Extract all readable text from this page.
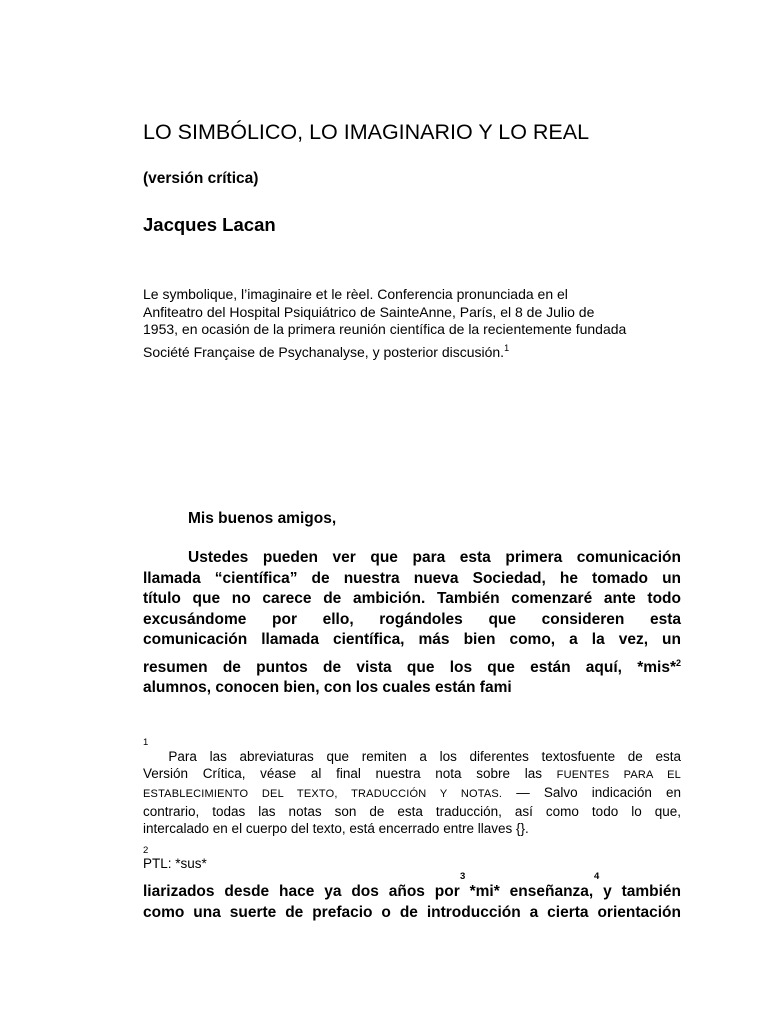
LO SIMBÓLICO, LO IMAGINARIO Y LO REAL

(versión crítica)

Jacques Lacan

Le symbolique, l’imaginaire et le rèel. Conferencia pronunciada en el
Anfiteatro del Hospital Psiquiátrico de SainteAnne, París, el 8 de Julio de
1953, en ocasión de la primera reunión científica de la recientemente fundada
Société Française de Psychanalyse, y posterior discusión.$^1$

Mis buenos amigos,

Ustedes pueden ver que para esta primera comunicación
llamada “científica” de nuestra nueva Sociedad, he tomado un
título que no carece de ambición. También comenzaré ante todo
excusándome por ello, rogándoles que consideren esta
comunicación llamada científica, más bien como, a la vez, un
resumen de puntos de vista que los que están aquí, *mis*$^2$
alumnos, conocen bien, con los cuales están fami
1
Para las abreviaturas que remiten a los diferentes textosfuente de esta
Versión Crítica, véase al final nuestra nota sobre las FUENTES PARA EL
ESTABLECIMIENTO DEL TEXTO, TRADUCCIÓN Y NOTAS. — Salvo indicación en
contrario, todas las notas son de esta traducción, así como todo lo que,
intercalado en el cuerpo del texto, está encerrado entre llaves {}.
2
PTL: *sus*
3	4
liarizados desde hace ya dos años por *mi* enseñanza, y también
como una suerte de prefacio o de introducción a cierta orientación
